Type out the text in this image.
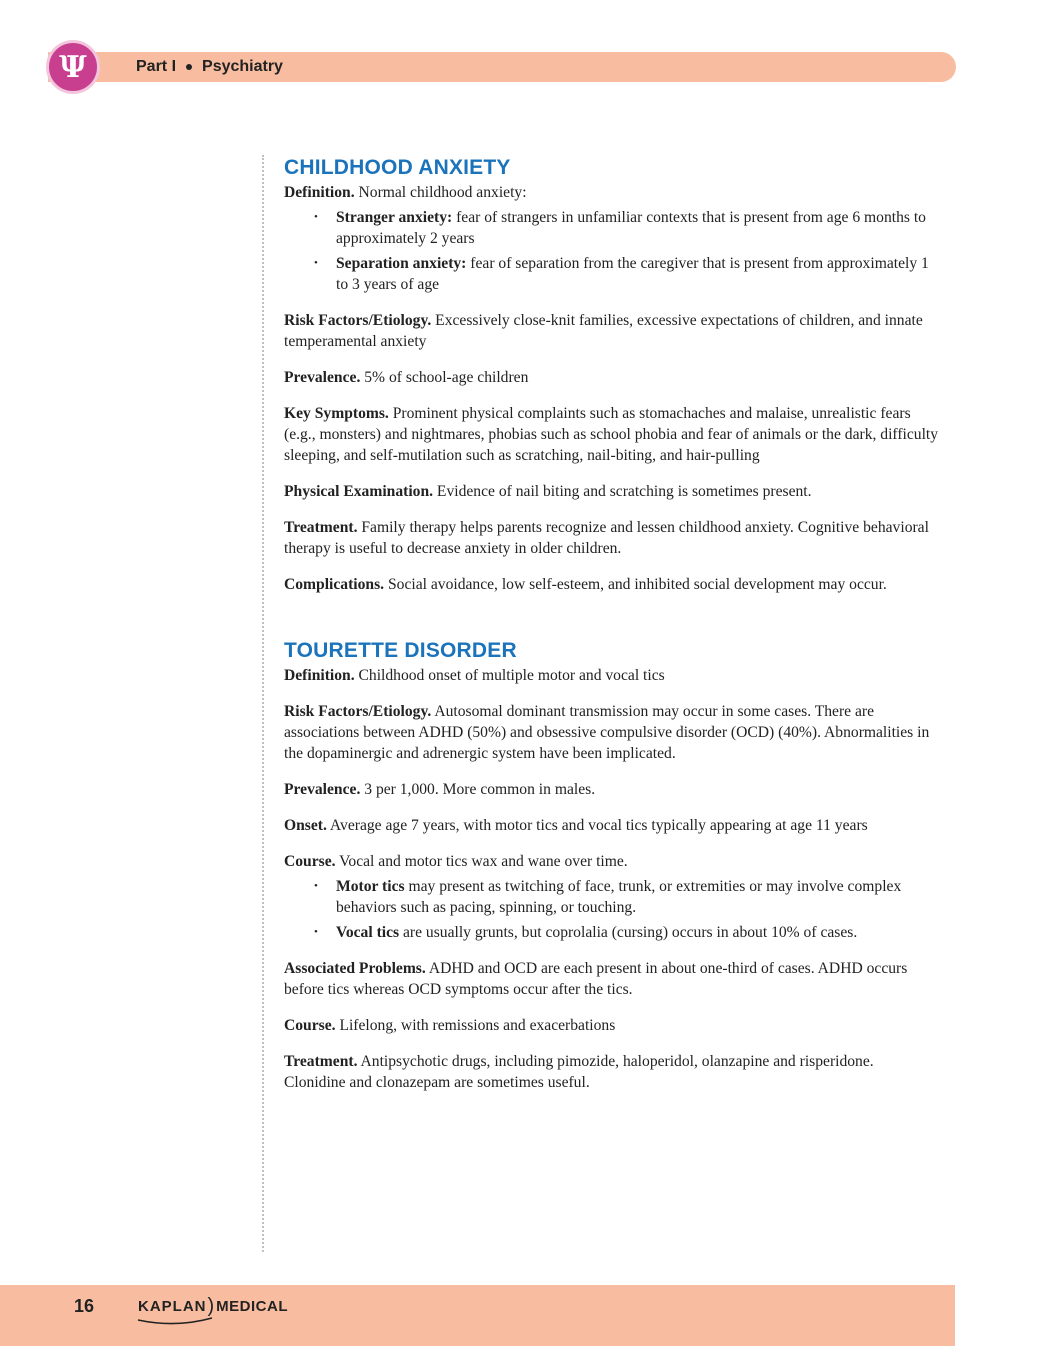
Ψ	Part I Psychiatry
CHILDHOOD ANXIETY

Definition. Normal childhood anxiety:

• Stranger anxiety: fear of strangers in unfamiliar contexts that is present from age 6 months to approximately 2 years
• Separation anxiety: fear of separation from the caregiver that is present from approximately 1 to 3 years of age

Risk Factors/Etiology. Excessively close-knit families, excessive expectations of children, and innate temperamental anxiety

Prevalence. 5% of school-age children

Key Symptoms. Prominent physical complaints such as stomachaches and malaise, unrealistic fears (e.g., monsters) and nightmares, phobias such as school phobia and fear of animals or the dark, difficulty sleeping, and self-mutilation such as scratching, nail-biting, and hair-pulling

Physical Examination. Evidence of nail biting and scratching is sometimes present.

Treatment. Family therapy helps parents recognize and lessen childhood anxiety. Cognitive behavioral therapy is useful to decrease anxiety in older children.

Complications. Social avoidance, low self-esteem, and inhibited social development may occur.

TOURETTE DISORDER

Definition. Childhood onset of multiple motor and vocal tics

Risk Factors/Etiology. Autosomal dominant transmission may occur in some cases. There are associations between ADHD (50%) and obsessive compulsive disorder (OCD) (40%). Abnormalities in the dopaminergic and adrenergic system have been implicated.

Prevalence. 3 per 1,000. More common in males.

Onset. Average age 7 years, with motor tics and vocal tics typically appearing at age 11 years

Course. Vocal and motor tics wax and wane over time.

• Motor tics may present as twitching of face, trunk, or extremities or may involve complex behaviors such as pacing, spinning, or touching.
• Vocal tics are usually grunts, but coprolalia (cursing) occurs in about 10% of cases.

Associated Problems. ADHD and OCD are each present in about one-third of cases. ADHD occurs before tics whereas OCD symptoms occur after the tics.

Course. Lifelong, with remissions and exacerbations

Treatment. Antipsychotic drugs, including pimozide, haloperidol, olanzapine and risperidone. Clonidine and clonazepam are sometimes useful.

16	KAPLAN ) MEDICAL
